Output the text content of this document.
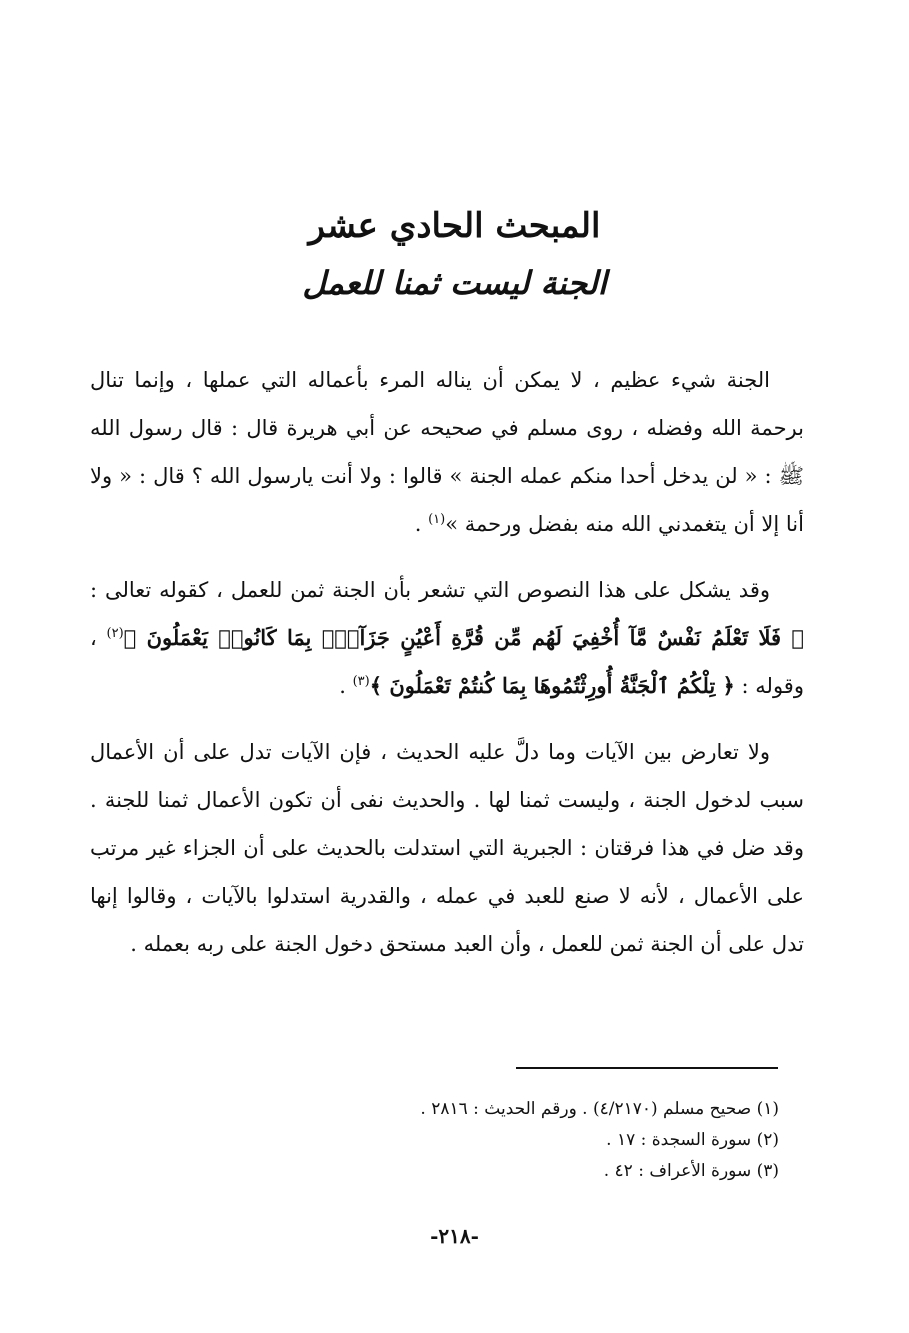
المبحث الحادي عشر
الجنة ليست ثمنا للعمل

الجنة شيء عظيم ، لا يمكن أن يناله المرء بأعماله التي عملها ، وإنما تنال برحمة الله وفضله ، روى مسلم في صحيحه عن أبي هريرة قال : قال رسول الله ﷺ : « لن يدخل أحدا منكم عمله الجنة » قالوا : ولا أنت يارسول الله ؟ قال : « ولا أنا إلا أن يتغمدني الله منه بفضل ورحمة »$^{(١)}$ .

وقد يشكل على هذا النصوص التي تشعر بأن الجنة ثمن للعمل ، كقوله تعالى : ﴿ فَلَا تَعْلَمُ نَفْسٌ مَّآ أُخْفِيَ لَهُم مِّن قُرَّةِ أَعْيُنٍ جَزَآءًۢ بِمَا كَانُوا۟ يَعْمَلُونَ ﴾$^{(٢)}$ ، وقوله : ﴿ تِلْكُمُ ٱلْجَنَّةُ أُورِثْتُمُوهَا بِمَا كُنتُمْ تَعْمَلُونَ ﴾$^{(٣)}$ .

ولا تعارض بين الآيات وما دلَّ عليه الحديث ، فإن الآيات تدل على أن الأعمال سبب لدخول الجنة ، وليست ثمنا لها . والحديث نفى أن تكون الأعمال ثمنا للجنة . وقد ضل في هذا فرقتان : الجبرية التي استدلت بالحديث على أن الجزاء غير مرتب على الأعمال ، لأنه لا صنع للعبد في عمله ، والقدرية استدلوا بالآيات ، وقالوا إنها تدل على أن الجنة ثمن للعمل ، وأن العبد مستحق دخول الجنة على ربه بعمله .

(١) صحيح مسلم (٤/٢١٧٠) . ورقم الحديث : ٢٨١٦ .
(٢) سورة السجدة : ١٧ .
(٣) سورة الأعراف : ٤٢ .
-٢١٨-
